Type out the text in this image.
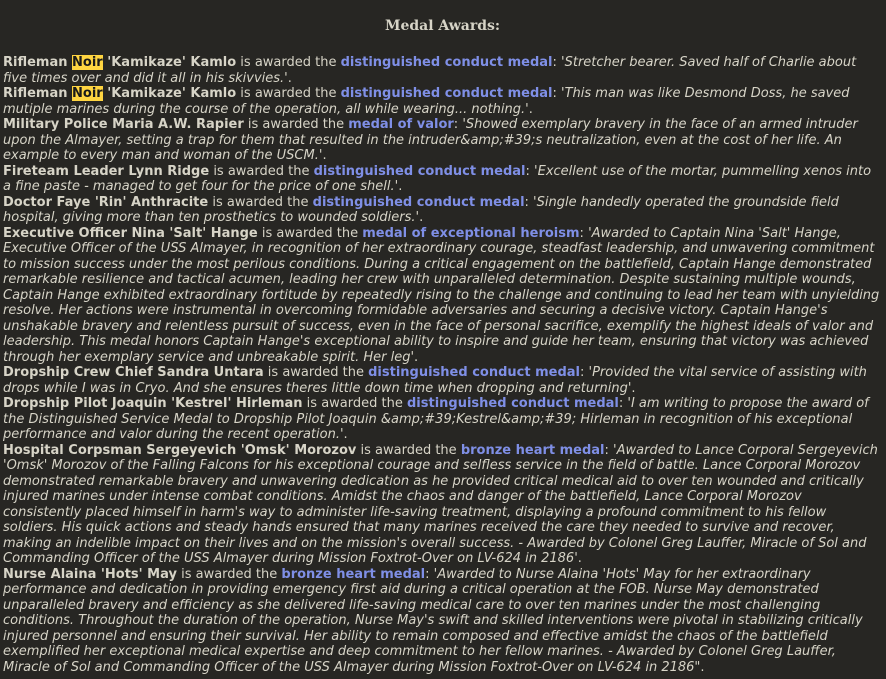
Medal Awards:
Rifleman Noir 'Kamikaze' Kamlo is awarded the distinguished conduct medal: 'Stretcher bearer. Saved half of Charlie about five times over and did it all in his skivvies.'.
Rifleman Noir 'Kamikaze' Kamlo is awarded the distinguished conduct medal: 'This man was like Desmond Doss, he saved mutiple marines during the course of the operation, all while wearing... nothing.'.
Military Police Maria A.W. Rapier is awarded the medal of valor: 'Showed exemplary bravery in the face of an armed intruder upon the Almayer, setting a trap for them that resulted in the intruder&amp;#39;s neutralization, even at the cost of her life. An example to every man and woman of the USCM.'.
Fireteam Leader Lynn Ridge is awarded the distinguished conduct medal: 'Excellent use of the mortar, pummelling xenos into a fine paste - managed to get four for the price of one shell.'.
Doctor Faye 'Rin' Anthracite is awarded the distinguished conduct medal: 'Single handedly operated the groundside field hospital, giving more than ten prosthetics to wounded soldiers.'.
Executive Officer Nina 'Salt' Hange is awarded the medal of exceptional heroism: 'Awarded to Captain Nina 'Salt' Hange, Executive Officer of the USS Almayer, in recognition of her extraordinary courage, steadfast leadership, and unwavering commitment to mission success under the most perilous conditions. During a critical engagement on the battlefield, Captain Hange demonstrated remarkable resilience and tactical acumen, leading her crew with unparalleled determination. Despite sustaining multiple wounds, Captain Hange exhibited extraordinary fortitude by repeatedly rising to the challenge and continuing to lead her team with unyielding resolve. Her actions were instrumental in overcoming formidable adversaries and securing a decisive victory. Captain Hange's unshakable bravery and relentless pursuit of success, even in the face of personal sacrifice, exemplify the highest ideals of valor and leadership. This medal honors Captain Hange's exceptional ability to inspire and guide her team, ensuring that victory was achieved through her exemplary service and unbreakable spirit. Her leg'.
Dropship Crew Chief Sandra Untara is awarded the distinguished conduct medal: 'Provided the vital service of assisting with drops while I was in Cryo. And she ensures theres little down time when dropping and returning'.
Dropship Pilot Joaquin 'Kestrel' Hirleman is awarded the distinguished conduct medal: 'I am writing to propose the award of the Distinguished Service Medal to Dropship Pilot Joaquin &amp;#39;Kestrel&amp;#39; Hirleman in recognition of his exceptional performance and valor during the recent operation.'.
Hospital Corpsman Sergeyevich 'Omsk' Morozov is awarded the bronze heart medal: 'Awarded to Lance Corporal Sergeyevich 'Omsk' Morozov of the Falling Falcons for his exceptional courage and selfless service in the field of battle. Lance Corporal Morozov demonstrated remarkable bravery and unwavering dedication as he provided critical medical aid to over ten wounded and critically injured marines under intense combat conditions. Amidst the chaos and danger of the battlefield, Lance Corporal Morozov consistently placed himself in harm's way to administer life-saving treatment, displaying a profound commitment to his fellow soldiers. His quick actions and steady hands ensured that many marines received the care they needed to survive and recover, making an indelible impact on their lives and on the mission's overall success. - Awarded by Colonel Greg Lauffer, Miracle of Sol and Commanding Officer of the USS Almayer during Mission Foxtrot-Over on LV-624 in 2186'.
Nurse Alaina 'Hots' May is awarded the bronze heart medal: 'Awarded to Nurse Alaina 'Hots' May for her extraordinary performance and dedication in providing emergency first aid during a critical operation at the FOB. Nurse May demonstrated unparalleled bravery and efficiency as she delivered life-saving medical care to over ten marines under the most challenging conditions. Throughout the duration of the operation, Nurse May's swift and skilled interventions were pivotal in stabilizing critically injured personnel and ensuring their survival. Her ability to remain composed and effective amidst the chaos of the battlefield exemplified her exceptional medical expertise and deep commitment to her fellow marines. - Awarded by Colonel Greg Lauffer, Miracle of Sol and Commanding Officer of the USS Almayer during Mission Foxtrot-Over on LV-624 in 2186".
